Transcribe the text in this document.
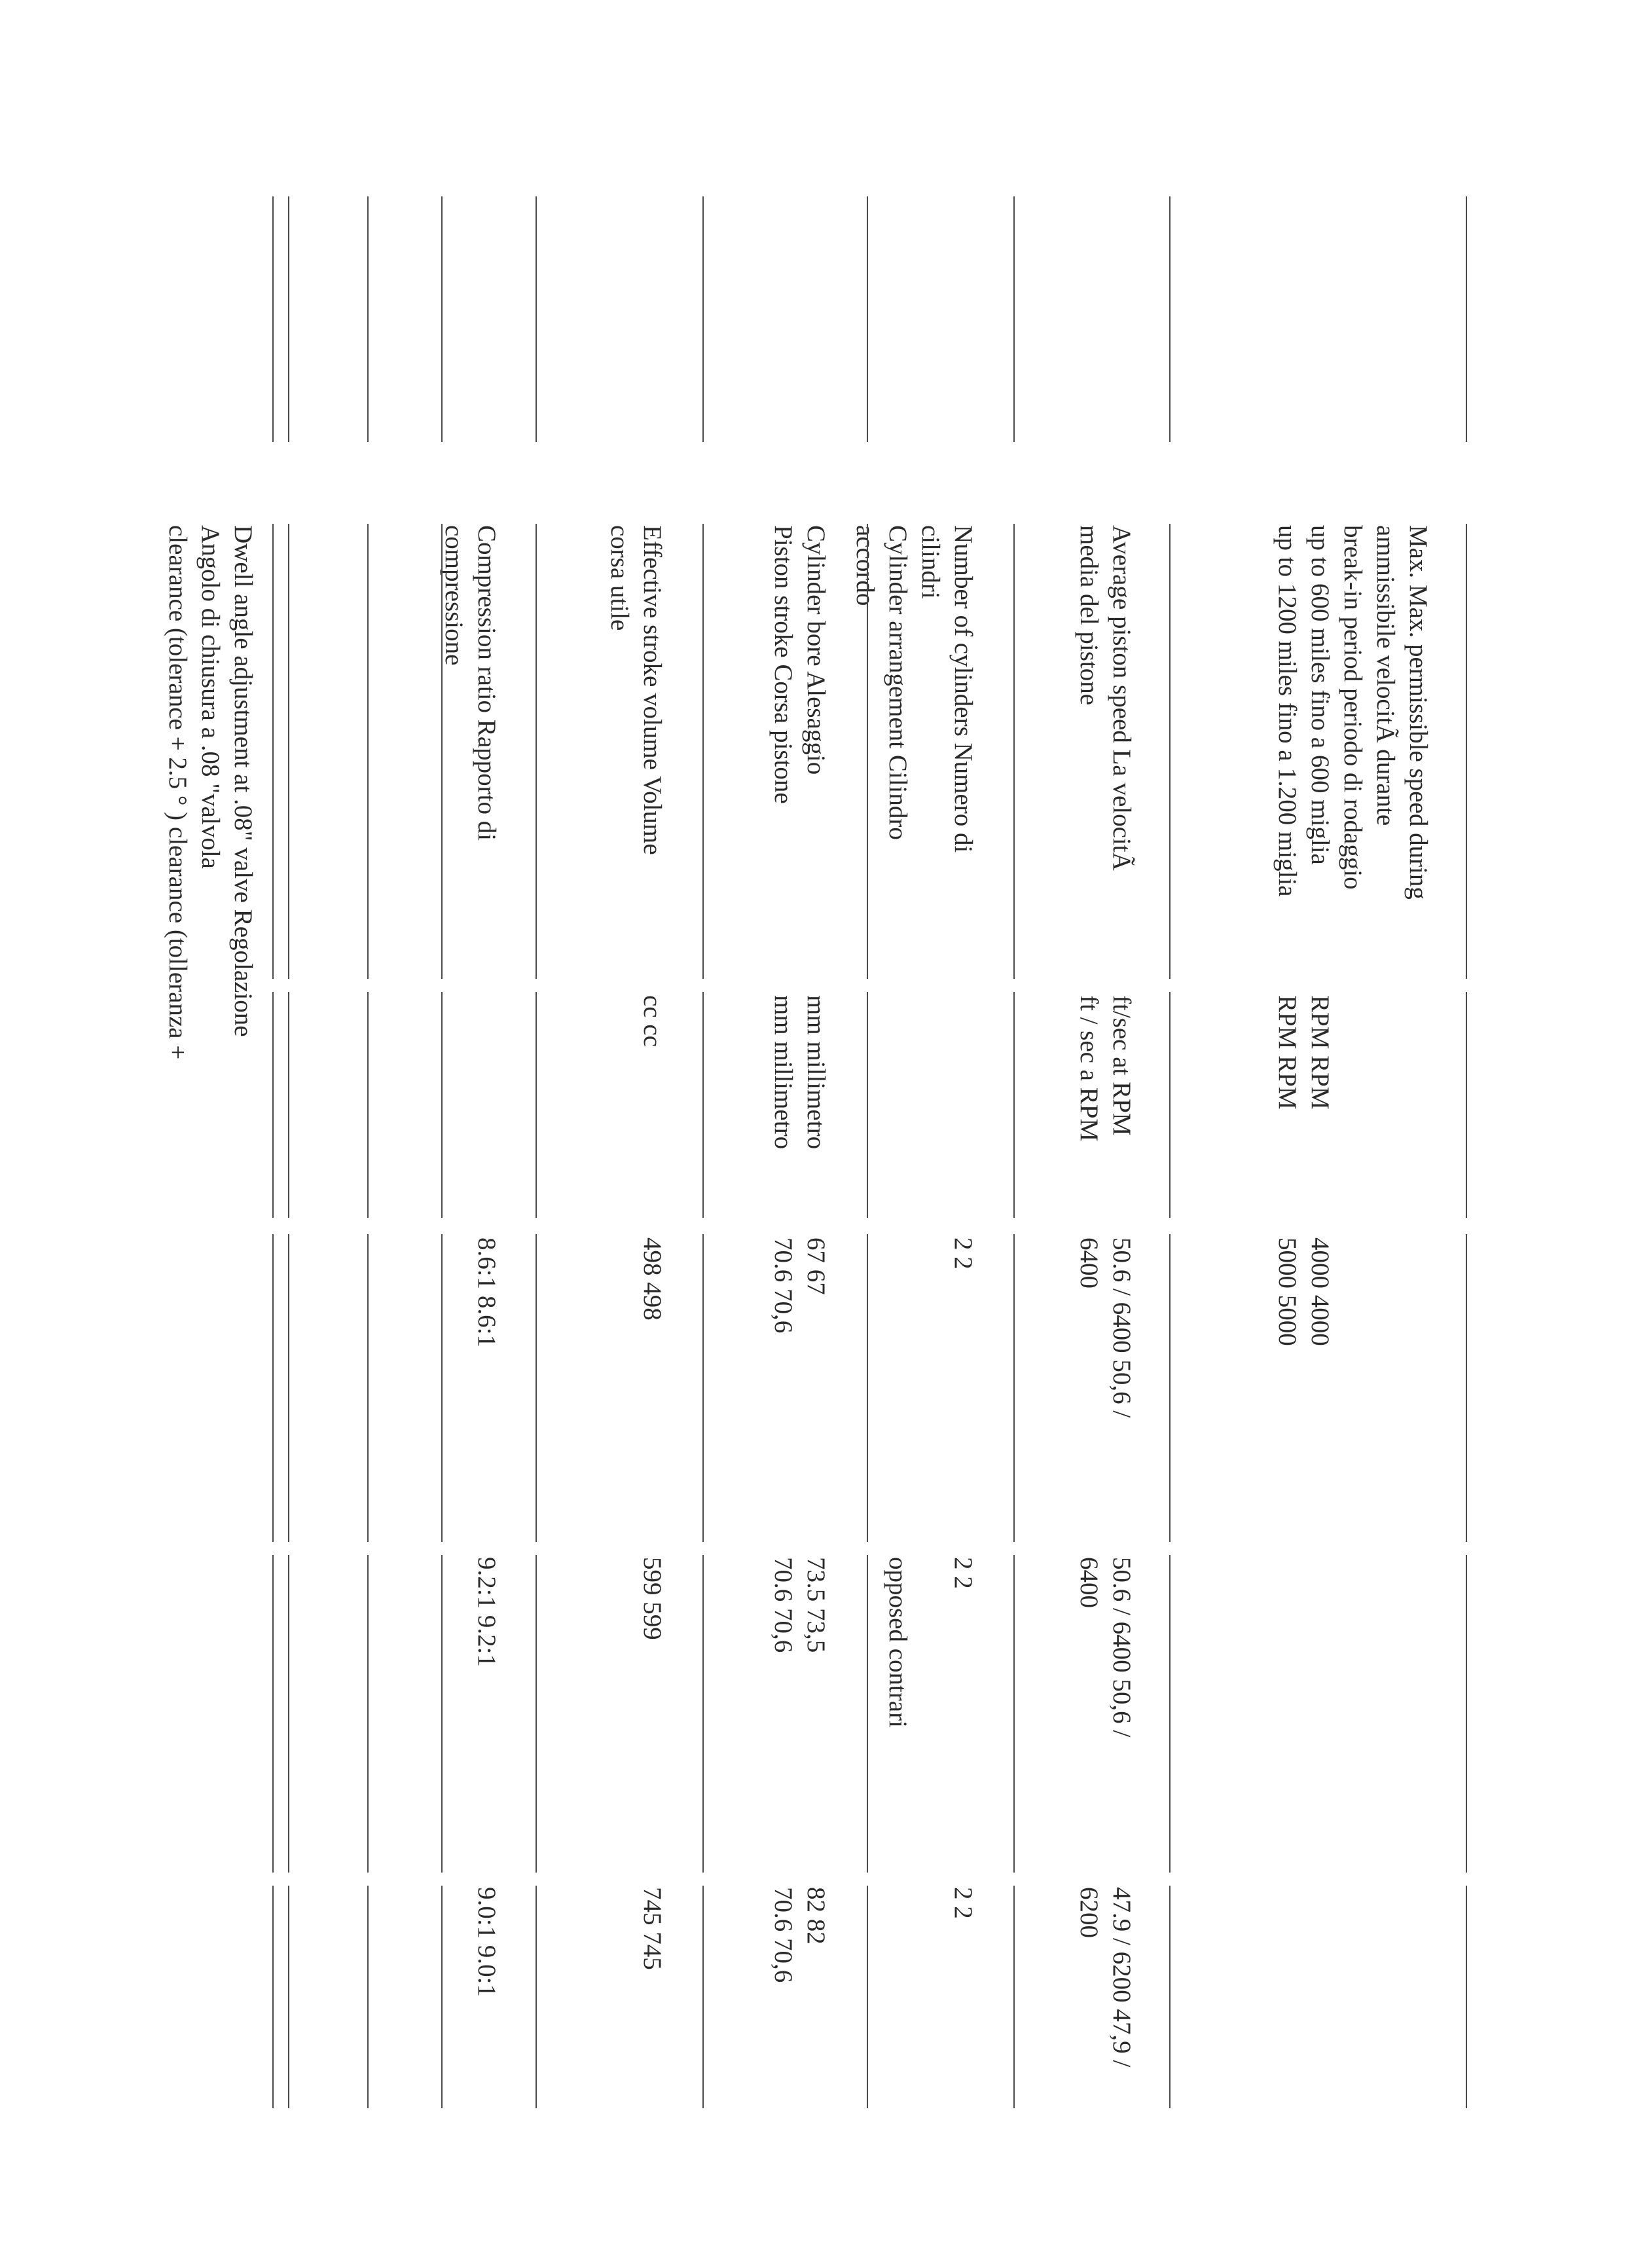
Max. Max. permissible speed during
ammissibile velocitÃ durante
break-in period periodo di rodaggio
up to 600 miles fino a 600 miglia
up to 1200 miles fino a 1.200 miglia
RPM RPM
RPM RPM
4000 4000
5000 5000
Average piston speed La velocitÃ
media del pistone
ft/sec at RPM
ft / sec a RPM
50.6 / 6400 50,6 /
6400
50.6 / 6400 50,6 /
6400
47.9 / 6200 47,9 /
6200
Number of cylinders Numero di
cilindri
Cylinder arrangement Cilindro
accordo
2 2
2 2
opposed contrari
2 2
Cylinder bore Alesaggio
Piston stroke Corsa pistone
mm millimetro
mm millimetro
67 67
70.6 70,6
73.5 73,5
70.6 70,6
82 82
70.6 70,6
Effective stroke volume Volume
corsa utile
cc cc
498 498
599 599
745 745
Compression ratio Rapporto di
compressione
8.6:1 8.6:1
9.2:1 9.2:1
9.0:1 9.0:1
Dwell angle adjustment at .08" valve Regolazione
Angolo di chiusura a .08 "valvola
clearance (tolerance + 2.5 ° ) clearance (tolleranza +
